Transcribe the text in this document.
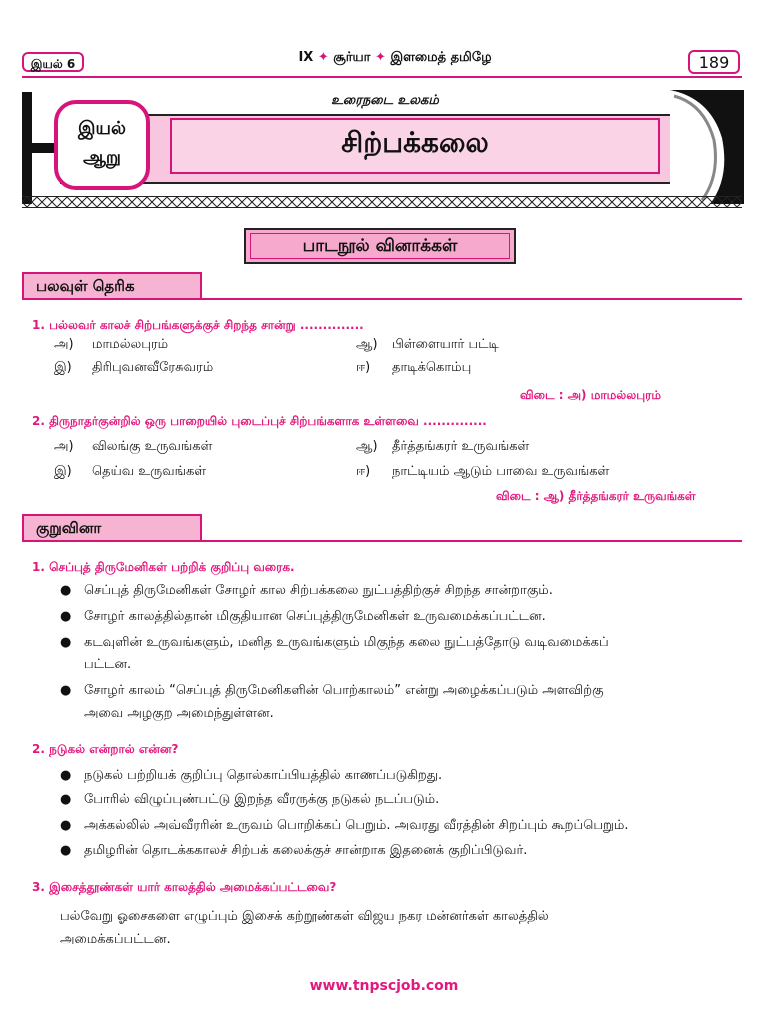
இயல் 6	IX ✦ சூர்யா ✦ இளமைத் தமிழே	189
உரைநடை உலகம்
சிற்பக்கலை
இயல்
ஆறு
பாடநூல் வினாக்கள்
பலவுள் தெரிக
1. பல்லவர் காலச் சிற்பங்களுக்குச் சிறந்த சான்று ..............
அ) மாமல்லபுரம்	ஆ) பிள்ளையார் பட்டி
இ) திரிபுவனவீரேசுவரம்	ஈ) தாடிக்கொம்பு
விடை : அ) மாமல்லபுரம்
2. திருநாதர்குன்றில் ஒரு பாறையில் புடைப்புச் சிற்பங்களாக உள்ளவை ..............
அ) விலங்கு உருவங்கள்	ஆ) தீர்த்தங்கரர் உருவங்கள்
இ) தெய்வ உருவங்கள்	ஈ) நாட்டியம் ஆடும் பாவை உருவங்கள்
விடை : ஆ) தீர்த்தங்கரர் உருவங்கள்
குறுவினா
1. செப்புத் திருமேனிகள் பற்றிக் குறிப்பு வரைக.
● செப்புத் திருமேனிகள் சோழர் கால சிற்பக்கலை நுட்பத்திற்குச் சிறந்த சான்றாகும்.
● சோழர் காலத்தில்தான் மிகுதியான செப்புத்திருமேனிகள் உருவமைக்கப்பட்டன.
● கடவுளின் உருவங்களும், மனித உருவங்களும் மிகுந்த கலை நுட்பத்தோடு வடிவமைக்கப்
பட்டன.
● சோழர் காலம் “செப்புத் திருமேனிகளின் பொற்காலம்” என்று அழைக்கப்படும் அளவிற்கு
அவை அழகுற அமைந்துள்ளன.
2. நடுகல் என்றால் என்ன?
● நடுகல் பற்றியக் குறிப்பு தொல்காப்பியத்தில் காணப்படுகிறது.
● போரில் விழுப்புண்பட்டு இறந்த வீரருக்கு நடுகல் நடப்படும்.
● அக்கல்லில் அவ்வீரரின் உருவம் பொறிக்கப் பெறும். அவரது வீரத்தின் சிறப்பும் கூறப்பெறும்.
● தமிழரின் தொடக்ககாலச் சிற்பக் கலைக்குச் சான்றாக இதனைக் குறிப்பிடுவர்.
3. இசைத்தூண்கள் யார் காலத்தில் அமைக்கப்பட்டவை?
பல்வேறு ஓசைகளை எழுப்பும் இசைக் கற்றூண்கள் விஜய நகர மன்னர்கள் காலத்தில்
அமைக்கப்பட்டன.
www.tnpscjob.com
